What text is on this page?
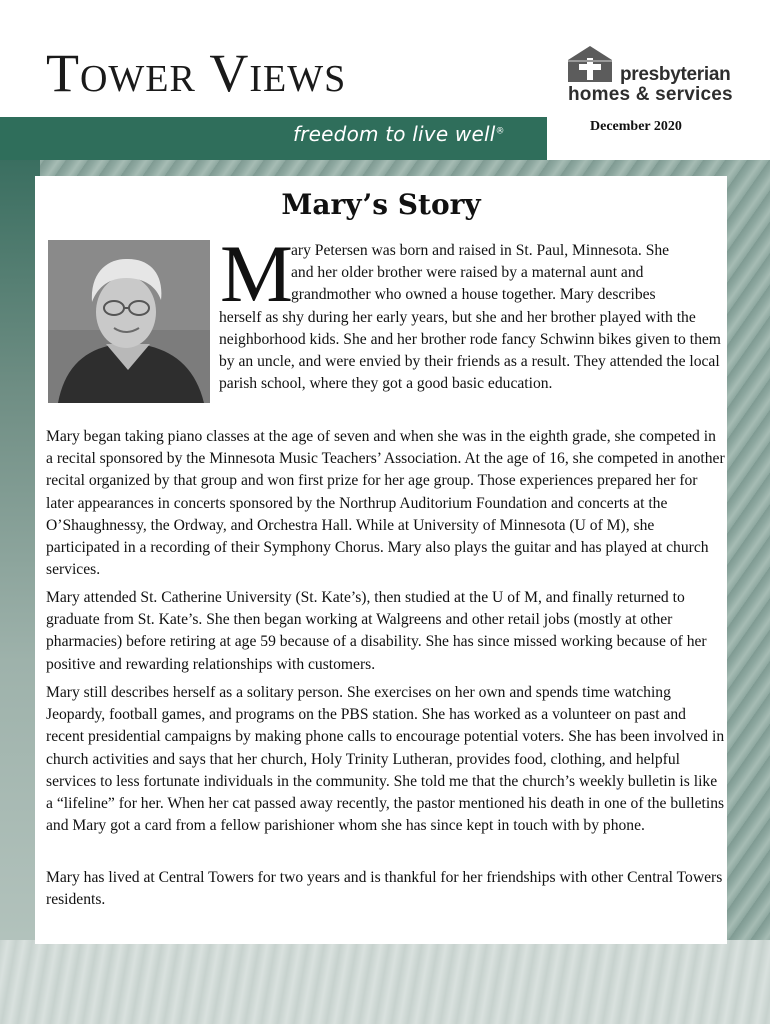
freedom to live well®
Tower Views	presbyterian
homes & services
December 2020
Mary’s Story
M
ary Petersen was born and raised in St. Paul, Minnesota. She
and her older brother were raised by a maternal aunt and
grandmother who owned a house together. Mary describes
herself as shy during her early years, but she and her brother played with the neighborhood kids. She and her brother rode fancy Schwinn bikes given to them by an uncle, and were envied by their friends as a result. They attended the local parish school, where they got a good basic education.

Mary began taking piano classes at the age of seven and when she was in the eighth grade, she competed in a recital sponsored by the Minnesota Music Teachers’ Association. At the age of 16, she competed in another recital organized by that group and won first prize for her age group. Those experiences prepared her for later appearances in concerts sponsored by the Northrup Auditorium Foundation and concerts at the O’Shaughnessy, the Ordway, and Orchestra Hall. While at University of Minnesota (U of M), she participated in a recording of their Symphony Chorus. Mary also plays the guitar and has played at church services.

Mary attended St. Catherine University (St. Kate’s), then studied at the U of M, and finally returned to graduate from St. Kate’s. She then began working at Walgreens and other retail jobs (mostly at other pharmacies) before retiring at age 59 because of a disability. She has since missed working because of her positive and rewarding relationships with customers.

Mary still describes herself as a solitary person. She exercises on her own and spends time watching Jeopardy, football games, and programs on the PBS station. She has worked as a volunteer on past and recent presidential campaigns by making phone calls to encourage potential voters. She has been involved in church activities and says that her church, Holy Trinity Lutheran, provides food, clothing, and helpful services to less fortunate individuals in the community. She told me that the church’s weekly bulletin is like a “lifeline” for her. When her cat passed away recently, the pastor mentioned his death in one of the bulletins and Mary got a card from a fellow parishioner whom she has since kept in touch with by phone.

Mary has lived at Central Towers for two years and is thankful for her friendships with other Central Towers residents.
